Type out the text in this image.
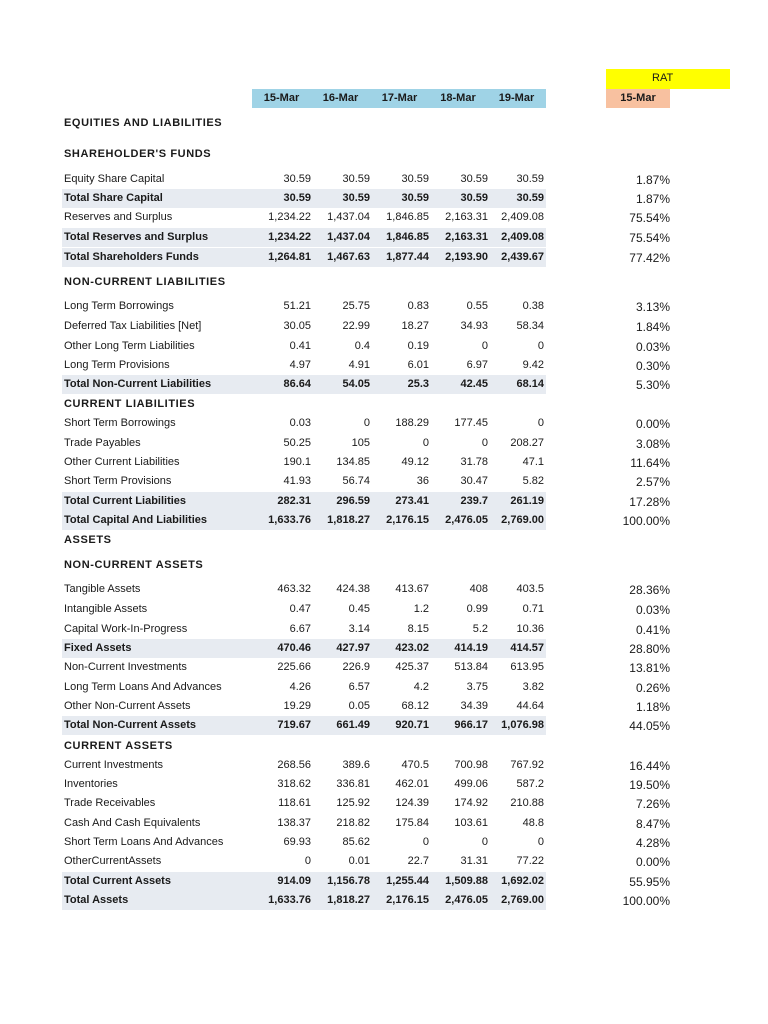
15-Mar	16-Mar	17-Mar	18-Mar	19-Mar
RAT
15-Mar
EQUITIES AND LIABILITIES
SHAREHOLDER'S FUNDS
NON-CURRENT LIABILITIES
CURRENT LIABILITIES
ASSETS
NON-CURRENT ASSETS
CURRENT ASSETS
Equity Share Capital	30.59	30.59	30.59	30.59	30.59	1.87%
Total Share Capital	30.59	30.59	30.59	30.59	30.59	1.87%
Reserves and Surplus	1,234.22	1,437.04	1,846.85	2,163.31	2,409.08	75.54%
Total Reserves and Surplus	1,234.22	1,437.04	1,846.85	2,163.31	2,409.08	75.54%
Total Shareholders Funds	1,264.81	1,467.63	1,877.44	2,193.90	2,439.67	77.42%
Long Term Borrowings	51.21	25.75	0.83	0.55	0.38	3.13%
Deferred Tax Liabilities [Net]	30.05	22.99	18.27	34.93	58.34	1.84%
Other Long Term Liabilities	0.41	0.4	0.19	0	0	0.03%
Long Term Provisions	4.97	4.91	6.01	6.97	9.42	0.30%
Total Non-Current Liabilities	86.64	54.05	25.3	42.45	68.14	5.30%
Short Term Borrowings	0.03	0	188.29	177.45	0	0.00%
Trade Payables	50.25	105	0	0	208.27	3.08%
Other Current Liabilities	190.1	134.85	49.12	31.78	47.1	11.64%
Short Term Provisions	41.93	56.74	36	30.47	5.82	2.57%
Total Current Liabilities	282.31	296.59	273.41	239.7	261.19	17.28%
Total Capital And Liabilities	1,633.76	1,818.27	2,176.15	2,476.05	2,769.00	100.00%
Tangible Assets	463.32	424.38	413.67	408	403.5	28.36%
Intangible Assets	0.47	0.45	1.2	0.99	0.71	0.03%
Capital Work-In-Progress	6.67	3.14	8.15	5.2	10.36	0.41%
Fixed Assets	470.46	427.97	423.02	414.19	414.57	28.80%
Non-Current Investments	225.66	226.9	425.37	513.84	613.95	13.81%
Long Term Loans And Advances	4.26	6.57	4.2	3.75	3.82	0.26%
Other Non-Current Assets	19.29	0.05	68.12	34.39	44.64	1.18%
Total Non-Current Assets	719.67	661.49	920.71	966.17	1,076.98	44.05%
Current Investments	268.56	389.6	470.5	700.98	767.92	16.44%
Inventories	318.62	336.81	462.01	499.06	587.2	19.50%
Trade Receivables	118.61	125.92	124.39	174.92	210.88	7.26%
Cash And Cash Equivalents	138.37	218.82	175.84	103.61	48.8	8.47%
Short Term Loans And Advances	69.93	85.62	0	0	0	4.28%
OtherCurrentAssets	0	0.01	22.7	31.31	77.22	0.00%
Total Current Assets	914.09	1,156.78	1,255.44	1,509.88	1,692.02	55.95%
Total Assets	1,633.76	1,818.27	2,176.15	2,476.05	2,769.00	100.00%
